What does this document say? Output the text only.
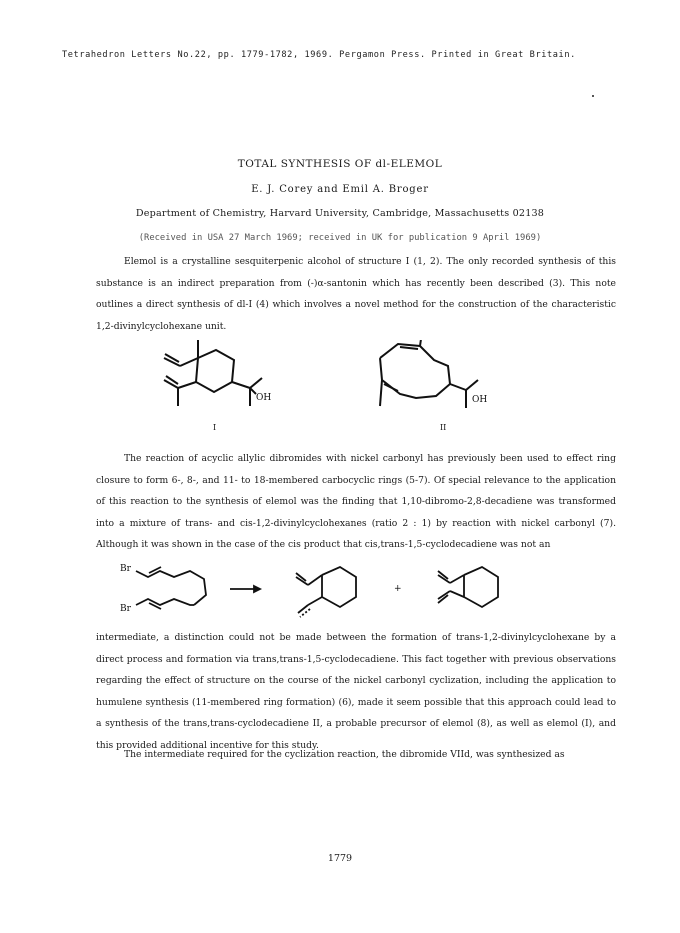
Tetrahedron Letters No.22, pp. 1779-1782, 1969. Pergamon Press. Printed in Great Britain.
TOTAL SYNTHESIS OF dl-ELEMOL
E. J. Corey and Emil A. Broger
Department of Chemistry, Harvard University, Cambridge, Massachusetts 02138
(Received in USA 27 March 1969; received in UK for publication 9 April 1969)
Elemol is a crystalline sesquiterpenic alcohol of structure I (1, 2). The only recorded synthesis of this substance is an indirect preparation from (-)α-santonin which has recently been described (3). This note outlines a direct synthesis of dl-I (4) which involves a novel method for the construction of the characteristic 1,2-divinylcyclohexane unit.
OH
I
OH
II
The reaction of acyclic allylic dibromides with nickel carbonyl has previously been used to effect ring closure to form 6-, 8-, and 11- to 18-membered carbocyclic rings (5-7). Of special relevance to the application of this reaction to the synthesis of elemol was the finding that 1,10-dibromo-2,8-decadiene was transformed into a mixture of trans- and cis-1,2-divinylcyclohexanes (ratio 2 : 1) by reaction with nickel carbonyl (7). Although it was shown in the case of the cis product that cis,trans-1,5-cyclodecadiene was not an
Br
Br
+
intermediate, a distinction could not be made between the formation of trans-1,2-divinylcyclohexane by a direct process and formation via trans,trans-1,5-cyclodecadiene. This fact together with previous observations regarding the effect of structure on the course of the nickel carbonyl cyclization, including the application to humulene synthesis (11-membered ring formation) (6), made it seem possible that this approach could lead to a synthesis of the trans,trans-cyclodecadiene II, a probable precursor of elemol (8), as well as elemol (I), and this provided additional incentive for this study.
The intermediate required for the cyclization reaction, the dibromide VIId, was synthesized as
1779
